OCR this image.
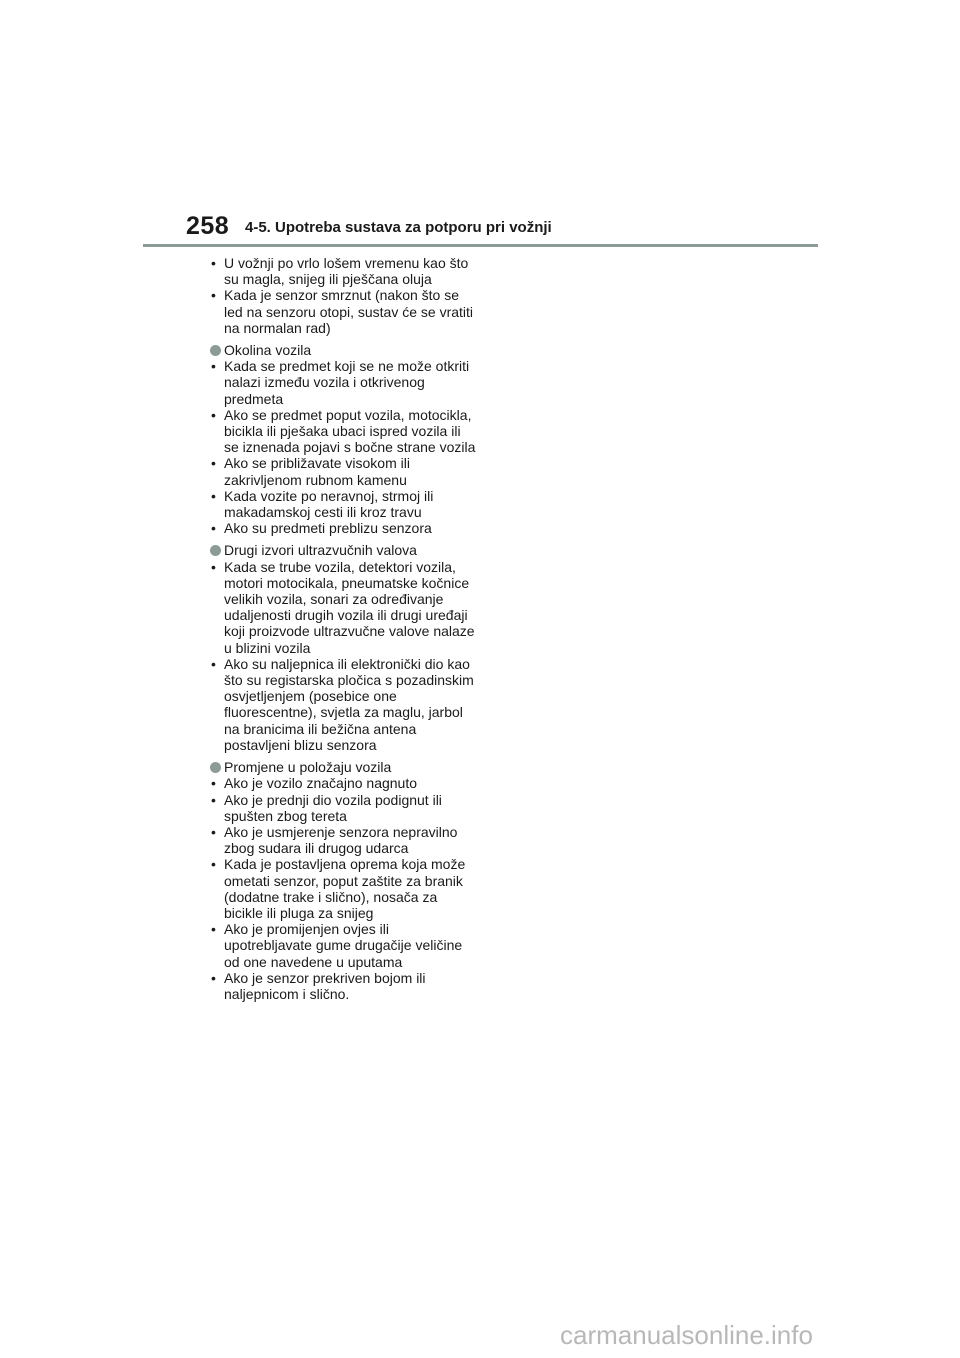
258 4-5. Upotreba sustava za potporu pri vožnji
• U vožnji po vrlo lošem vremenu kao što su magla, snijeg ili pješčana oluja
• Kada je senzor smrznut (nakon što se led na senzoru otopi, sustav će se vratiti na normalan rad)
Okolina vozila
• Kada se predmet koji se ne može otkriti nalazi između vozila i otkrivenog predmeta
• Ako se predmet poput vozila, motocikla, bicikla ili pješaka ubaci ispred vozila ili se iznenada pojavi s bočne strane vozila
• Ako se približavate visokom ili zakrivljenom rubnom kamenu
• Kada vozite po neravnoj, strmoj ili makadamskoj cesti ili kroz travu
• Ako su predmeti preblizu senzora
Drugi izvori ultrazvučnih valova
• Kada se trube vozila, detektori vozila, motori motocikala, pneumatske kočnice velikih vozila, sonari za određivanje udaljenosti drugih vozila ili drugi uređaji koji proizvode ultrazvučne valove nalaze u blizini vozila
• Ako su naljepnica ili elektronički dio kao što su registarska pločica s pozadinskim osvjetljenjem (posebice one fluorescentne), svjetla za maglu, jarbol na branicima ili bežična antena postavljeni blizu senzora
Promjene u položaju vozila
• Ako je vozilo značajno nagnuto
• Ako je prednji dio vozila podignut ili spušten zbog tereta
• Ako je usmjerenje senzora nepravilno zbog sudara ili drugog udarca
• Kada je postavljena oprema koja može ometati senzor, poput zaštite za branik (dodatne trake i slično), nosača za bicikle ili pluga za snijeg
• Ako je promijenjen ovjes ili upotrebljavate gume drugačije veličine od one navedene u uputama
• Ako je senzor prekriven bojom ili naljepnicom i slično.
carmanualsonline.info
